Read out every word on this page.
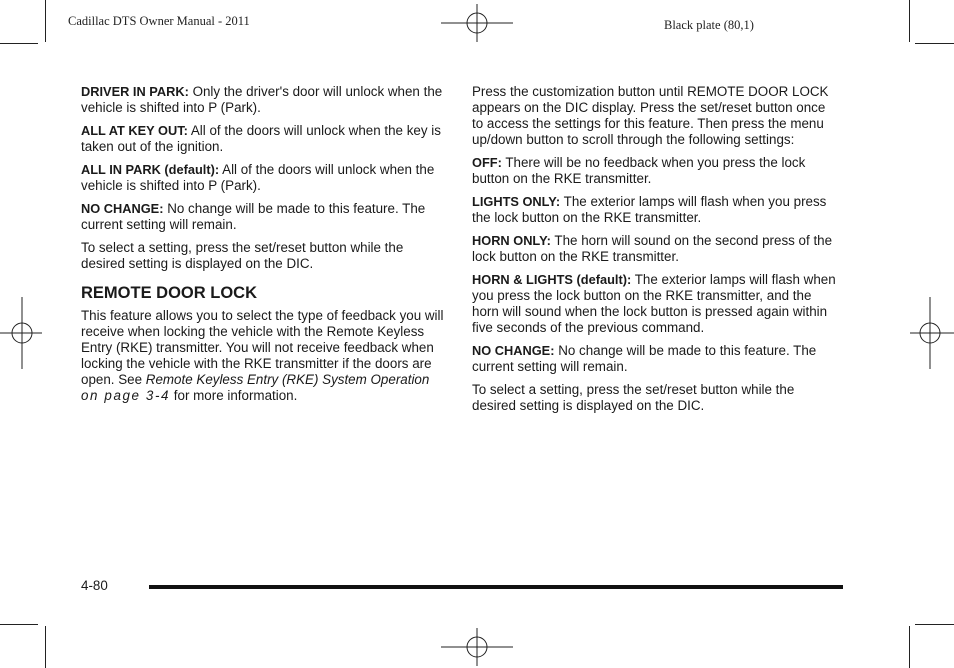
Cadillac DTS Owner Manual - 2011	Black plate (80,1)

DRIVER IN PARK: Only the driver's door will unlock when the vehicle is shifted into P (Park).

ALL AT KEY OUT: All of the doors will unlock when the key is taken out of the ignition.

ALL IN PARK (default): All of the doors will unlock when the vehicle is shifted into P (Park).

NO CHANGE: No change will be made to this feature. The current setting will remain.

To select a setting, press the set/reset button while the desired setting is displayed on the DIC.

REMOTE DOOR LOCK

This feature allows you to select the type of feedback you will receive when locking the vehicle with the Remote Keyless Entry (RKE) transmitter. You will not receive feedback when locking the vehicle with the RKE transmitter if the doors are open. See Remote Keyless Entry (RKE) System Operation on page 3-4 for more information.

Press the customization button until REMOTE DOOR LOCK appears on the DIC display. Press the set/reset button once to access the settings for this feature. Then press the menu up/down button to scroll through the following settings:

OFF: There will be no feedback when you press the lock button on the RKE transmitter.

LIGHTS ONLY: The exterior lamps will flash when you press the lock button on the RKE transmitter.

HORN ONLY: The horn will sound on the second press of the lock button on the RKE transmitter.

HORN & LIGHTS (default): The exterior lamps will flash when you press the lock button on the RKE transmitter, and the horn will sound when the lock button is pressed again within five seconds of the previous command.

NO CHANGE: No change will be made to this feature. The current setting will remain.

To select a setting, press the set/reset button while the desired setting is displayed on the DIC.

4-80
